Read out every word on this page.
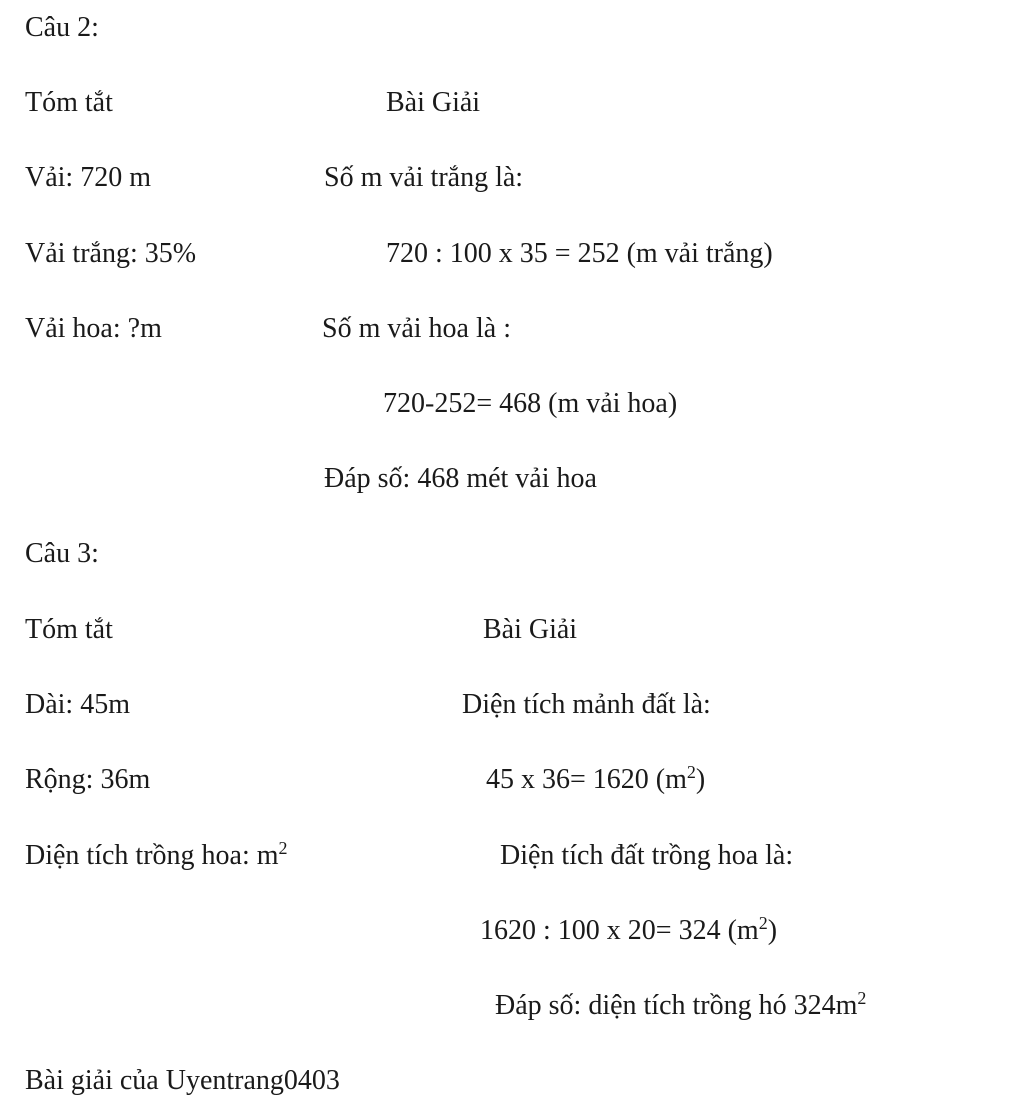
Câu 2:
Tóm tắt	Bài Giải
Vải: 720 m	Số m vải trắng là:
Vải trắng: 35%	720 : 100 x 35 = 252 (m vải trắng)
Vải hoa: ?m	Số m vải hoa là :
720-252= 468 (m vải hoa)
Đáp số: 468 mét vải hoa
Câu 3:
Tóm tắt	Bài Giải
Dài: 45m	Diện tích mảnh đất là:
Rộng: 36m	45 x 36= 1620 $(m^2)$
Diện tích trồng hoa: $m^2$	Diện tích đất trồng hoa là:
1620 : 100 x 20= 324 $(m^2)$
Đáp số: diện tích trồng hó $324m^2$
Bài giải của Uyentrang0403
